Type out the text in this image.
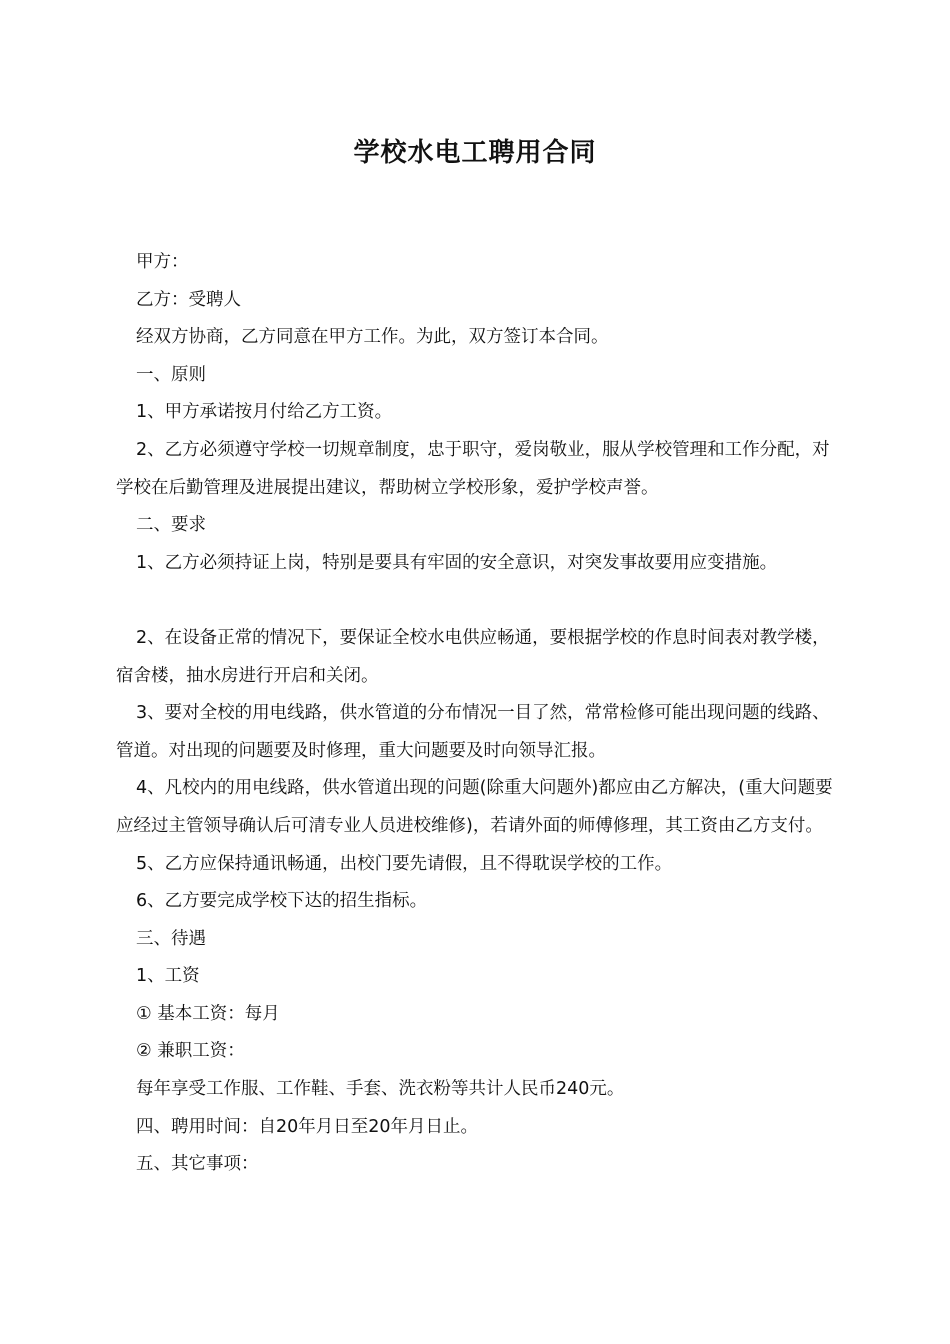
学校水电工聘用合同

甲方：

乙方：受聘人

经双方协商，乙方同意在甲方工作。为此，双方签订本合同。

一、原则

1、甲方承诺按月付给乙方工资。

2、乙方必须遵守学校一切规章制度，忠于职守，爱岗敬业，服从学校管理和工作分配，对学校在后勤管理及进展提出建议，帮助树立学校形象，爱护学校声誉。

二、要求

1、乙方必须持证上岗，特别是要具有牢固的安全意识，对突发事故要用应变措施。

2、在设备正常的情况下，要保证全校水电供应畅通，要根据学校的作息时间表对教学楼，宿舍楼，抽水房进行开启和关闭。

3、要对全校的用电线路，供水管道的分布情况一目了然，常常检修可能出现问题的线路、管道。对出现的问题要及时修理，重大问题要及时向领导汇报。

4、凡校内的用电线路，供水管道出现的问题(除重大问题外)都应由乙方解决，(重大问题要应经过主管领导确认后可清专业人员进校维修)，若请外面的师傅修理，其工资由乙方支付。

5、乙方应保持通讯畅通，出校门要先请假，且不得耽误学校的工作。

6、乙方要完成学校下达的招生指标。

三、待遇

1、工资

① 基本工资：每月

② 兼职工资：

每年享受工作服、工作鞋、手套、洗衣粉等共计人民币240元。

四、聘用时间：自20年月日至20年月日止。

五、其它事项：
